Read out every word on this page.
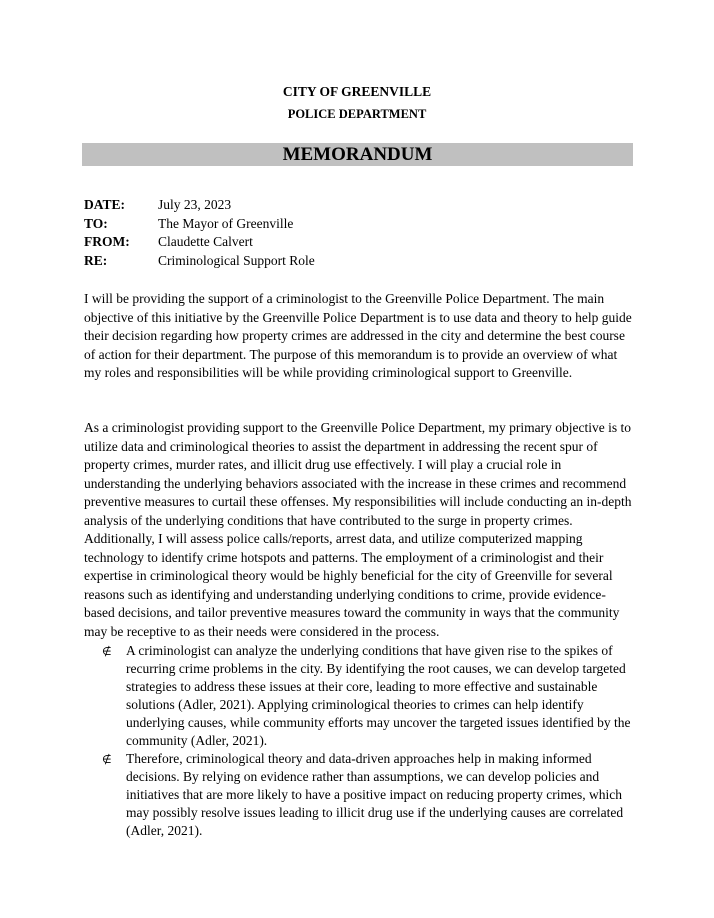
CITY OF GREENVILLE
POLICE DEPARTMENT
MEMORANDUM
DATE:	July 23, 2023
TO:	The Mayor of Greenville
FROM:	Claudette Calvert
RE:	Criminological Support Role

I will be providing the support of a criminologist to the Greenville Police Department. The main objective of this initiative by the Greenville Police Department is to use data and theory to help guide their decision regarding how property crimes are addressed in the city and determine the best course of action for their department. The purpose of this memorandum is to provide an overview of what my roles and responsibilities will be while providing criminological support to Greenville.

As a criminologist providing support to the Greenville Police Department, my primary objective is to utilize data and criminological theories to assist the department in addressing the recent spur of property crimes, murder rates, and illicit drug use effectively. I will play a crucial role in understanding the underlying behaviors associated with the increase in these crimes and recommend preventive measures to curtail these offenses. My responsibilities will include conducting an in-depth analysis of the underlying conditions that have contributed to the surge in property crimes. Additionally, I will assess police calls/reports, arrest data, and utilize computerized mapping technology to identify crime hotspots and patterns. The employment of a criminologist and their expertise in criminological theory would be highly beneficial for the city of Greenville for several reasons such as identifying and understanding underlying conditions to crime, provide evidence-based decisions, and tailor preventive measures toward the community in ways that the community may be receptive to as their needs were considered in the process.

∉	A criminologist can analyze the underlying conditions that have given rise to the spikes of recurring crime problems in the city. By identifying the root causes, we can develop targeted strategies to address these issues at their core, leading to more effective and sustainable solutions (Adler, 2021). Applying criminological theories to crimes can help identify underlying causes, while community efforts may uncover the targeted issues identified by the community (Adler, 2021).
∉	Therefore, criminological theory and data-driven approaches help in making informed decisions. By relying on evidence rather than assumptions, we can develop policies and initiatives that are more likely to have a positive impact on reducing property crimes, which may possibly resolve issues leading to illicit drug use if the underlying causes are correlated (Adler, 2021).
